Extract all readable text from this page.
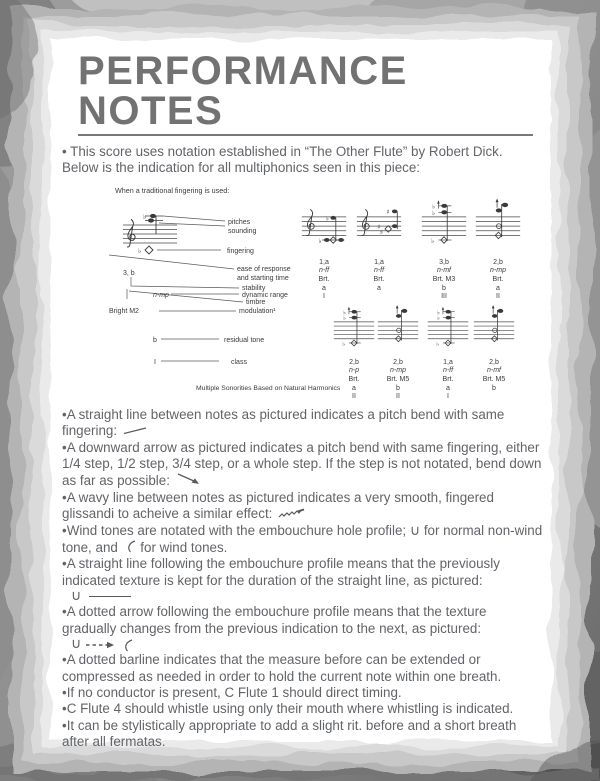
PERFORMANCE NOTES

• This score uses notation established in “The Other Flute” by Robert Dick. Below is the indication for all multiphonics seen in this piece:

When a traditional fingering is used:
♭
♭
pitches
sounding
fingering
3, b
ease of response
and starting time
stability
n-mp	dynamic range
Bright M2
timbre
modulation¹
b	residual tone
I	class
Multiple Sonorities Based on Natural Harmonics
1,a
n-ff
Brt.
a
I
1,a
n-ff
Brt.
a
3,b
n-mf
Brt. M3
b
III
2,b
n-mp
Brt.
a
II
2,b
n-p
Brt.
a
II
2,b
n-mp
Brt. M5
b
II
1,a
n-ff
Brt.
a
I
2,b
n-mf
Brt. M5
b

•A straight line between notes as pictured indicates a pitch bend with same fingering:

•A downward arrow as pictured indicates a pitch bend with same fingering, either 1/4 step, 1/2 step, 3/4 step, or a whole step. If the step is not notated, bend down as far as possible:

•A wavy line between notes as pictured indicates a very smooth, fingered glissandi to acheive a similar effect:

•Wind tones are notated with the embouchure hole profile; ∪ for normal non-wind tone, and  for wind tones.

•A straight line following the embouchure profile means that the previously indicated texture is kept for the duration of the straight line, as pictured:

∪

•A dotted arrow following the embouchure profile means that the texture gradually changes from the previous indication to the next, as pictured:

∪

•A dotted barline indicates that the measure before can be extended or compressed as needed in order to hold the current note within one breath.

•If no conductor is present, C Flute 1 should direct timing.

•C Flute 4 should whistle using only their mouth where whistling is indicated.

•It can be stylistically appropriate to add a slight rit. before and a short breath after all fermatas.
